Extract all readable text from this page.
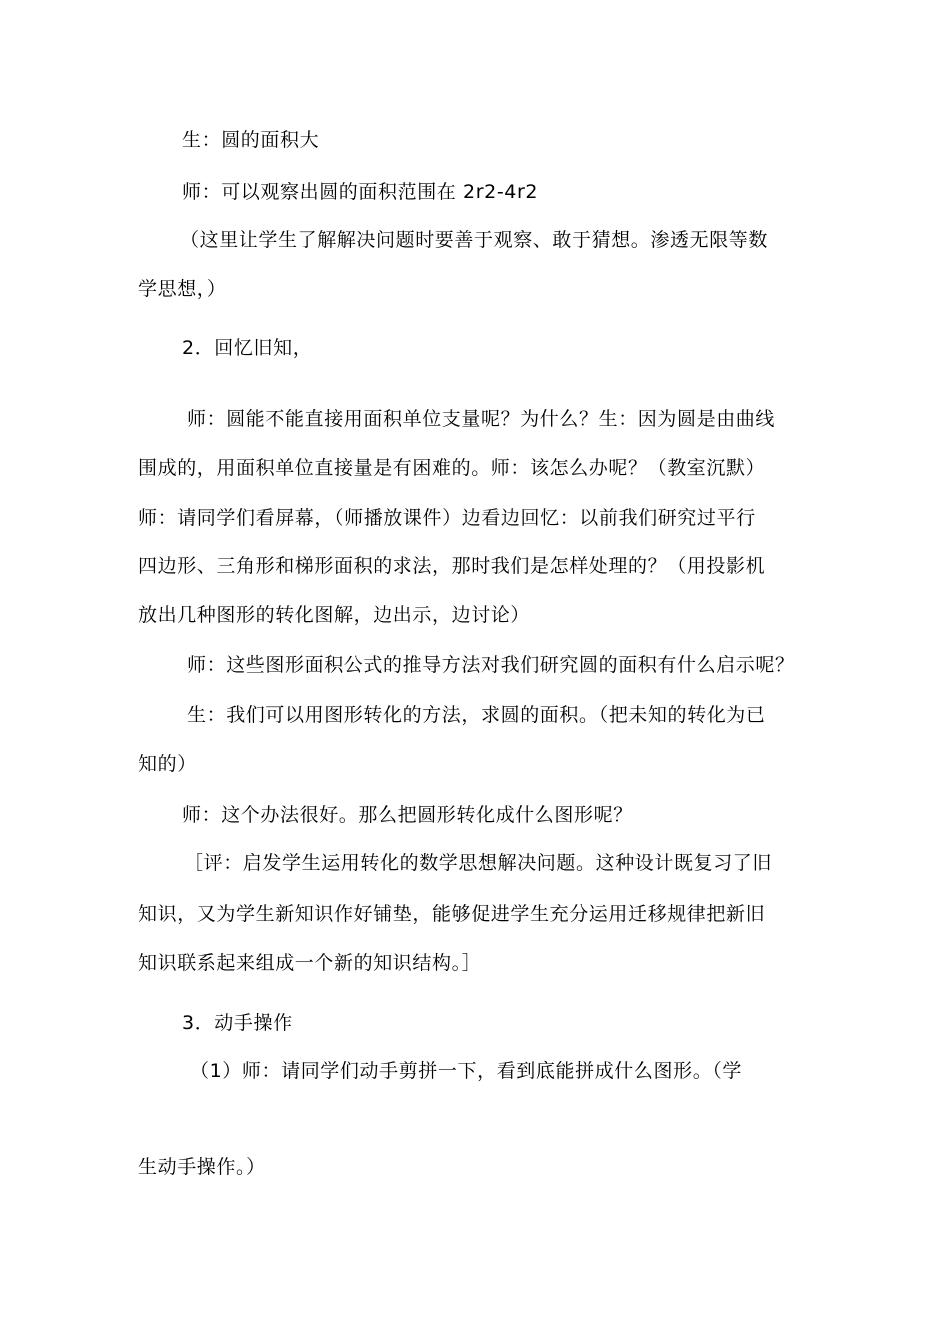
生：圆的面积大
师：可以观察出圆的面积范围在 2r2-4r2
（这里让学生了解解决问题时要善于观察、敢于猜想。渗透无限等数
学思想，）
2．回忆旧知，
师：圆能不能直接用面积单位支量呢？为什么？生：因为圆是由曲线
围成的，用面积单位直接量是有困难的。师：该怎么办呢？（教室沉默）
师：请同学们看屏幕，（师播放课件）边看边回忆：以前我们研究过平行
四边形、三角形和梯形面积的求法，那时我们是怎样处理的？（用投影机
放出几种图形的转化图解，边出示，边讨论）
师：这些图形面积公式的推导方法对我们研究圆的面积有什么启示呢？
生：我们可以用图形转化的方法，求圆的面积。（把未知的转化为已
知的）
师：这个办法很好。那么把圆形转化成什么图形呢？
［评：启发学生运用转化的数学思想解决问题。这种设计既复习了旧
知识，又为学生新知识作好铺垫，能够促进学生充分运用迁移规律把新旧
知识联系起来组成一个新的知识结构。］
3．动手操作
（1）师：请同学们动手剪拼一下，看到底能拼成什么图形。（学
生动手操作。）
